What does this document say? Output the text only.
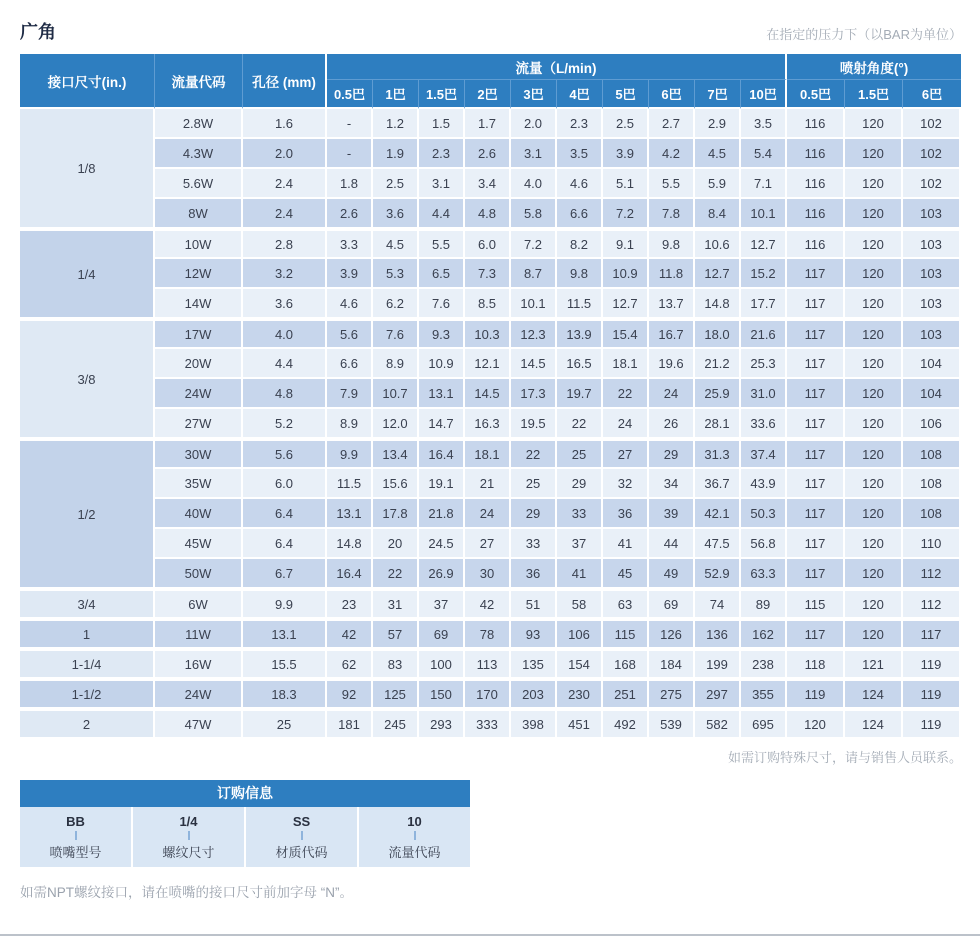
广角	在指定的压力下（以BAR为单位）
接口尺寸(in.)	流量代码	孔径 (mm)	流量（L/min)										喷射角度(°)		
			0.5巴	1巴	1.5巴	2巴	3巴	4巴	5巴	6巴	7巴	10巴	0.5巴	1.5巴	6巴
1/8	2.8W	1.6	-	1.2	1.5	1.7	2.0	2.3	2.5	2.7	2.9	3.5	116	120	102
	4.3W	2.0	-	1.9	2.3	2.6	3.1	3.5	3.9	4.2	4.5	5.4	116	120	102
	5.6W	2.4	1.8	2.5	3.1	3.4	4.0	4.6	5.1	5.5	5.9	7.1	116	120	102
	8W	2.4	2.6	3.6	4.4	4.8	5.8	6.6	7.2	7.8	8.4	10.1	116	120	103
1/4	10W	2.8	3.3	4.5	5.5	6.0	7.2	8.2	9.1	9.8	10.6	12.7	116	120	103
	12W	3.2	3.9	5.3	6.5	7.3	8.7	9.8	10.9	11.8	12.7	15.2	117	120	103
	14W	3.6	4.6	6.2	7.6	8.5	10.1	11.5	12.7	13.7	14.8	17.7	117	120	103
3/8	17W	4.0	5.6	7.6	9.3	10.3	12.3	13.9	15.4	16.7	18.0	21.6	117	120	103
	20W	4.4	6.6	8.9	10.9	12.1	14.5	16.5	18.1	19.6	21.2	25.3	117	120	104
	24W	4.8	7.9	10.7	13.1	14.5	17.3	19.7	22	24	25.9	31.0	117	120	104
	27W	5.2	8.9	12.0	14.7	16.3	19.5	22	24	26	28.1	33.6	117	120	106
1/2	30W	5.6	9.9	13.4	16.4	18.1	22	25	27	29	31.3	37.4	117	120	108
	35W	6.0	11.5	15.6	19.1	21	25	29	32	34	36.7	43.9	117	120	108
	40W	6.4	13.1	17.8	21.8	24	29	33	36	39	42.1	50.3	117	120	108
	45W	6.4	14.8	20	24.5	27	33	37	41	44	47.5	56.8	117	120	110
	50W	6.7	16.4	22	26.9	30	36	41	45	49	52.9	63.3	117	120	112
3/4	6W	9.9	23	31	37	42	51	58	63	69	74	89	115	120	112
1	11W	13.1	42	57	69	78	93	106	115	126	136	162	117	120	117
1-1/4	16W	15.5	62	83	100	113	135	154	168	184	199	238	118	121	119
1-1/2	24W	18.3	92	125	150	170	203	230	251	275	297	355	119	124	119
2	47W	25	181	245	293	333	398	451	492	539	582	695	120	124	119
如需订购特殊尺寸，请与销售人员联系。
订购信息
BB
喷嘴型号
1/4
螺纹尺寸
SS
材质代码
10
流量代码
如需NPT螺纹接口，请在喷嘴的接口尺寸前加字母 “N”。
